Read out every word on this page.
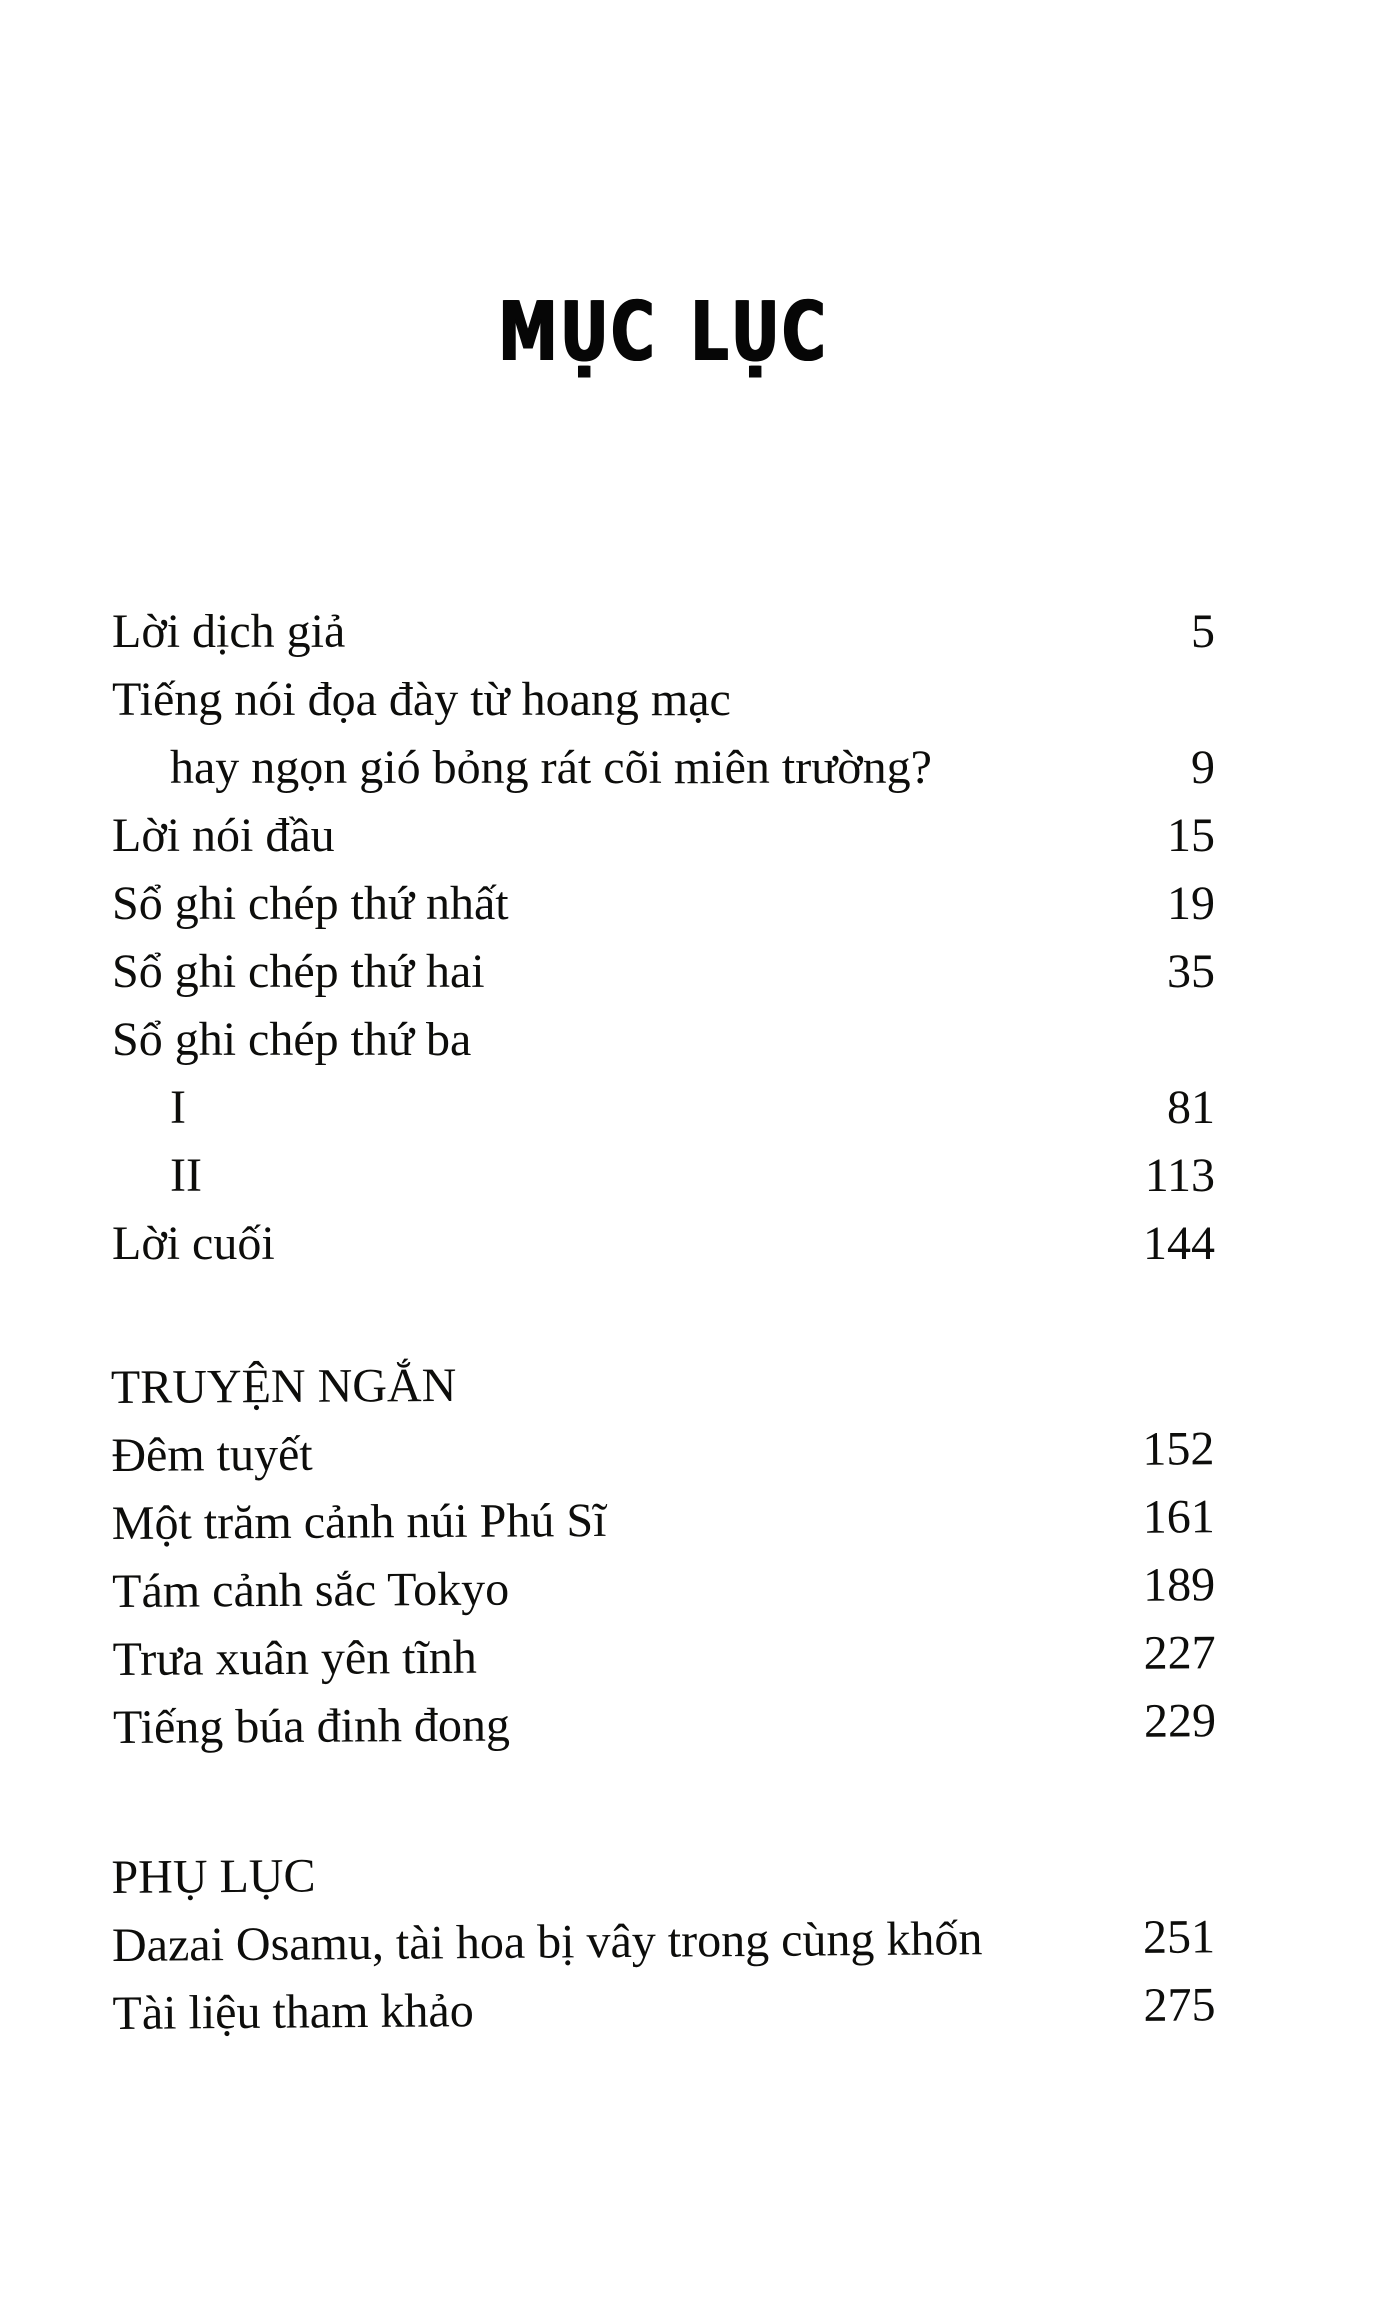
MỤC LỤC
Lời dịch giả	5
Tiếng nói đọa đày từ hoang mạc
hay ngọn gió bỏng rát cõi miên trường?	9
Lời nói đầu	15
Sổ ghi chép thứ nhất	19
Sổ ghi chép thứ hai	35
Sổ ghi chép thứ ba
I	81
II	113
Lời cuối	144
TRUYỆN NGẮN
Đêm tuyết	152
Một trăm cảnh núi Phú Sĩ	161
Tám cảnh sắc Tokyo	189
Trưa xuân yên tĩnh	227
Tiếng búa đinh đong	229
PHỤ LỤC
Dazai Osamu, tài hoa bị vây trong cùng khốn	251
Tài liệu tham khảo	275
